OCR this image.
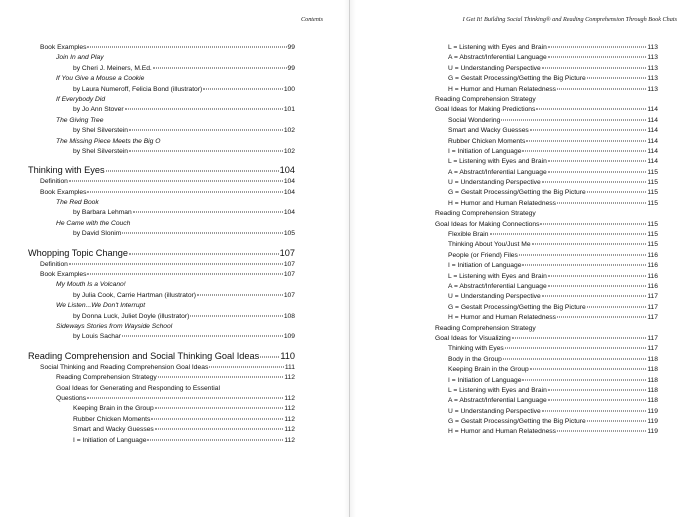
Contents
Book Examples	99
Join In and Play
by Cheri J. Meiners, M.Ed.	99
If You Give a Mouse a Cookie
by Laura Numeroff, Felicia Bond (illustrator)	100
If Everybody Did
by Jo Ann Stover	101
The Giving Tree
by Shel Silverstein	102
The Missing Piece Meets the Big O
by Shel Silverstein	102
Thinking with Eyes	104
Definition	104
Book Examples	104
The Red Book
by Barbara Lehman	104
He Came with the Couch
by David Slonim	105
Whopping Topic Change	107
Definition	107
Book Examples	107
My Mouth Is a Volcano!
by Julia Cook, Carrie Hartman (illustrator)	107
We Listen...We Don't Interrupt
by Donna Luck, Juliet Doyle (illustrator)	108
Sideways Stories from Wayside School
by Louis Sachar	109
Reading Comprehension and Social Thinking Goal Ideas 110
Social Thinking and Reading Comprehension Goal Ideas	111
Reading Comprehension Strategy	112
Goal Ideas for Generating and Responding to Essential
Questions	112
Keeping Brain in the Group	112
Rubber Chicken Moments	112
Smart and Wacky Guesses	112
I = Initiation of Language	112
I Get It! Building Social Thinking® and Reading Comprehension Through Book Chats
L = Listening with Eyes and Brain	113
A = Abstract/Inferential Language	113
U = Understanding Perspective	113
G = Gestalt Processing/Getting the Big Picture	113
H = Humor and Human Relatedness	113
Reading Comprehension Strategy
Goal Ideas for Making Predictions	114
Social Wondering	114
Smart and Wacky Guesses	114
Rubber Chicken Moments	114
I = Initiation of Language	114
L = Listening with Eyes and Brain	114
A = Abstract/Inferential Language	115
U = Understanding Perspective	115
G = Gestalt Processing/Getting the Big Picture	115
H = Humor and Human Relatedness	115
Reading Comprehension Strategy
Goal Ideas for Making Connections	115
Flexible Brain	115
Thinking About You/Just Me	115
People (or Friend) Files	116
I = Initiation of Language	116
L = Listening with Eyes and Brain	116
A = Abstract/Inferential Language	116
U = Understanding Perspective	117
G = Gestalt Processing/Getting the Big Picture	117
H = Humor and Human Relatedness	117
Reading Comprehension Strategy
Goal Ideas for Visualizing	117
Thinking with Eyes	117
Body in the Group	118
Keeping Brain in the Group	118
I = Initiation of Language	118
L = Listening with Eyes and Brain	118
A = Abstract/Inferential Language	118
U = Understanding Perspective	119
G = Gestalt Processing/Getting the Big Picture	119
H = Humor and Human Relatedness	119
